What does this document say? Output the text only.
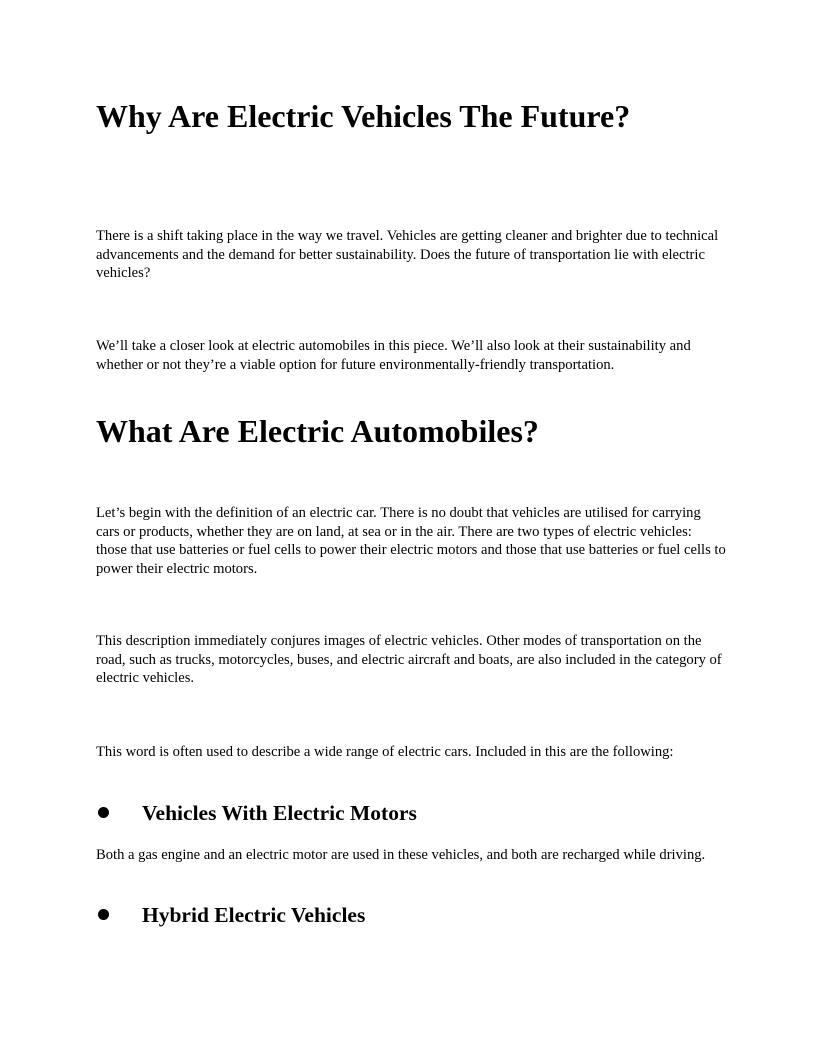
Why Are Electric Vehicles The Future?

There is a shift taking place in the way we travel. Vehicles are getting cleaner and brighter due to technical advancements and the demand for better sustainability. Does the future of transportation lie with electric vehicles?

We’ll take a closer look at electric automobiles in this piece. We’ll also look at their sustainability and whether or not they’re a viable option for future environmentally-friendly transportation.

What Are Electric Automobiles?

Let’s begin with the definition of an electric car. There is no doubt that vehicles are utilised for carrying cars or products, whether they are on land, at sea or in the air. There are two types of electric vehicles: those that use batteries or fuel cells to power their electric motors and those that use batteries or fuel cells to power their electric motors.

This description immediately conjures images of electric vehicles. Other modes of transportation on the road, such as trucks, motorcycles, buses, and electric aircraft and boats, are also included in the category of electric vehicles.

This word is often used to describe a wide range of electric cars. Included in this are the following:

Vehicles With Electric Motors

Both a gas engine and an electric motor are used in these vehicles, and both are recharged while driving.

Hybrid Electric Vehicles
